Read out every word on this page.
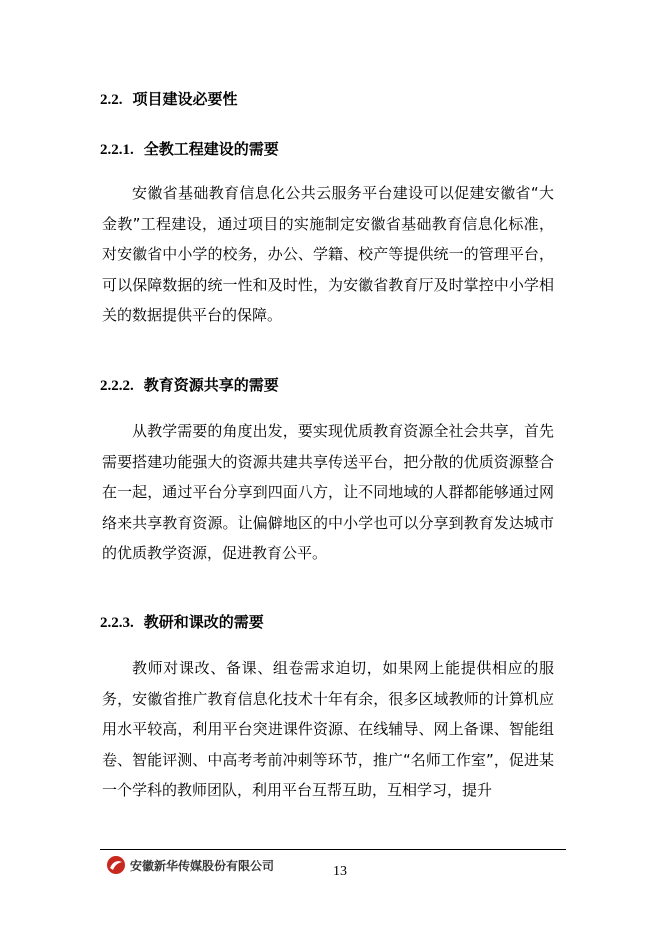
2.2. 项目建设必要性
2.2.1. 全教工程建设的需要
安徽省基础教育信息化公共云服务平台建设可以促建安徽省“大金教”工程建设，通过项目的实施制定安徽省基础教育信息化标准，对安徽省中小学的校务，办公、学籍、校产等提供统一的管理平台，可以保障数据的统一性和及时性，为安徽省教育厅及时掌控中小学相关的数据提供平台的保障。
2.2.2. 教育资源共享的需要
从教学需要的角度出发，要实现优质教育资源全社会共享，首先需要搭建功能强大的资源共建共享传送平台，把分散的优质资源整合在一起，通过平台分享到四面八方，让不同地域的人群都能够通过网络来共享教育资源。让偏僻地区的中小学也可以分享到教育发达城市的优质教学资源，促进教育公平。
2.2.3. 教研和课改的需要
教师对课改、备课、组卷需求迫切，如果网上能提供相应的服务，安徽省推广教育信息化技术十年有余，很多区域教师的计算机应用水平较高，利用平台突进课件资源、在线辅导、网上备课、智能组卷、智能评测、中高考考前冲刺等环节，推广“名师工作室”，促进某一个学科的教师团队，利用平台互帮互助，互相学习，提升
安徽新华传媒股份有限公司	13
